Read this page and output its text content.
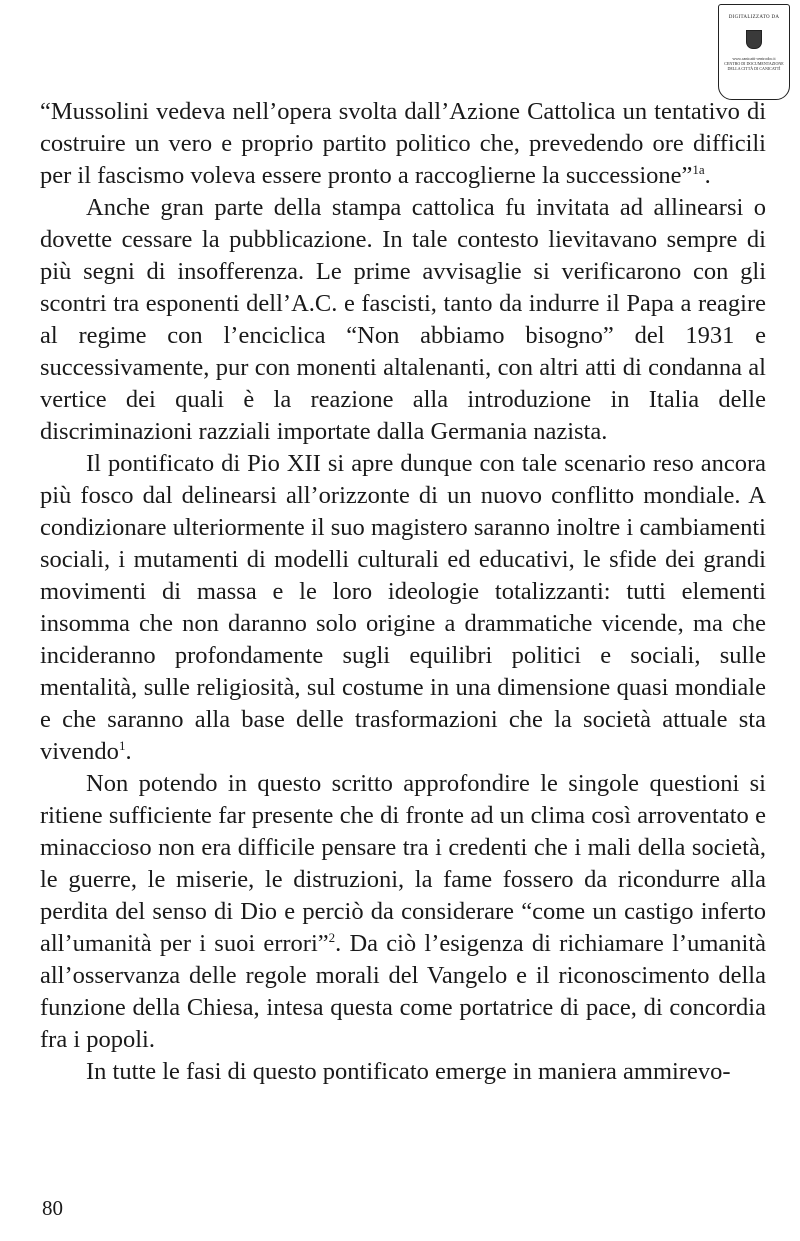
DIGITALIZZATO DA
www.canicatti-centrodoc.it
CENTRO DI DOCUMENTAZIONE
DELLA CITTÀ DI CANICATTÌ

“Mussolini vedeva nell’opera svolta dall’Azione Cattolica un tentativo di costruire un vero e proprio partito politico che, prevedendo ore difficili per il fascismo voleva essere pronto a raccoglierne la successione”$^{1a}$.

Anche gran parte della stampa cattolica fu invitata ad allinearsi o dovette cessare la pubblicazione. In tale contesto lievitavano sempre di più segni di insofferenza. Le prime avvisaglie si verificarono con gli scontri tra esponenti dell’A.C. e fascisti, tanto da indurre il Papa a reagire al regime con l’enciclica “Non abbiamo bisogno” del 1931 e successivamente, pur con monenti altalenanti, con altri atti di condanna al vertice dei quali è la reazione alla introduzione in Italia delle discriminazioni razziali importate dalla Germania nazista.

Il pontificato di Pio XII si apre dunque con tale scenario reso ancora più fosco dal delinearsi all’orizzonte di un nuovo conflitto mondiale. A condizionare ulteriormente il suo magistero saranno inoltre i cambiamenti sociali, i mutamenti di modelli culturali ed educativi, le sfide dei grandi movimenti di massa e le loro ideologie totalizzanti: tutti elementi insomma che non daranno solo origine a drammatiche vicende, ma che incideranno profondamente sugli equilibri politici e sociali, sulle mentalità, sulle religiosità, sul costume in una dimensione quasi mondiale e che saranno alla base delle trasformazioni che la società attuale sta vivendo$^1$.

Non potendo in questo scritto approfondire le singole questioni si ritiene sufficiente far presente che di fronte ad un clima così arroventato e minaccioso non era difficile pensare tra i credenti che i mali della società, le guerre, le miserie, le distruzioni, la fame fossero da ricondurre alla perdita del senso di Dio e perciò da considerare “come un castigo inferto all’umanità per i suoi errori”$^2$. Da ciò l’esigenza di richiamare l’umanità all’osservanza delle regole morali del Vangelo e il riconoscimento della funzione della Chiesa, intesa questa come portatrice di pace, di concordia fra i popoli.

In tutte le fasi di questo pontificato emerge in maniera ammirevo-

80
